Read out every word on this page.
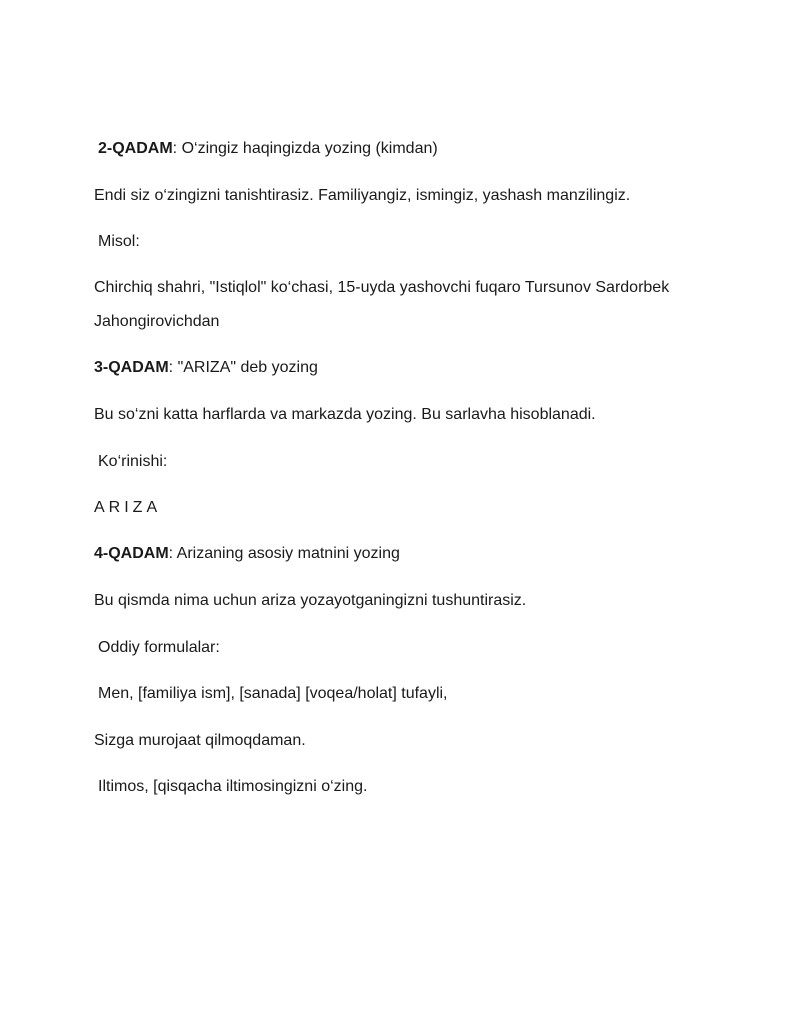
2-QADAM: O‘zingiz haqingizda yozing (kimdan)
Endi siz o‘zingizni tanishtirasiz. Familiyangiz, ismingiz, yashash manzilingiz.
Misol:
Chirchiq shahri, "Istiqlol" ko‘chasi, 15-uyda yashovchi fuqaro Tursunov Sardorbek Jahongirovichdan
3-QADAM: "ARIZA" deb yozing
Bu so‘zni katta harflarda va markazda yozing. Bu sarlavha hisoblanadi.
Ko‘rinishi:
ARIZA
4-QADAM: Arizaning asosiy matnini yozing
Bu qismda nima uchun ariza yozayotganingizni tushuntirasiz.
Oddiy formulalar:
Men, [familiya ism], [sanada] [voqea/holat] tufayli,
Sizga murojaat qilmoqdaman.
Iltimos, [qisqacha iltimosingizni o‘zing.
